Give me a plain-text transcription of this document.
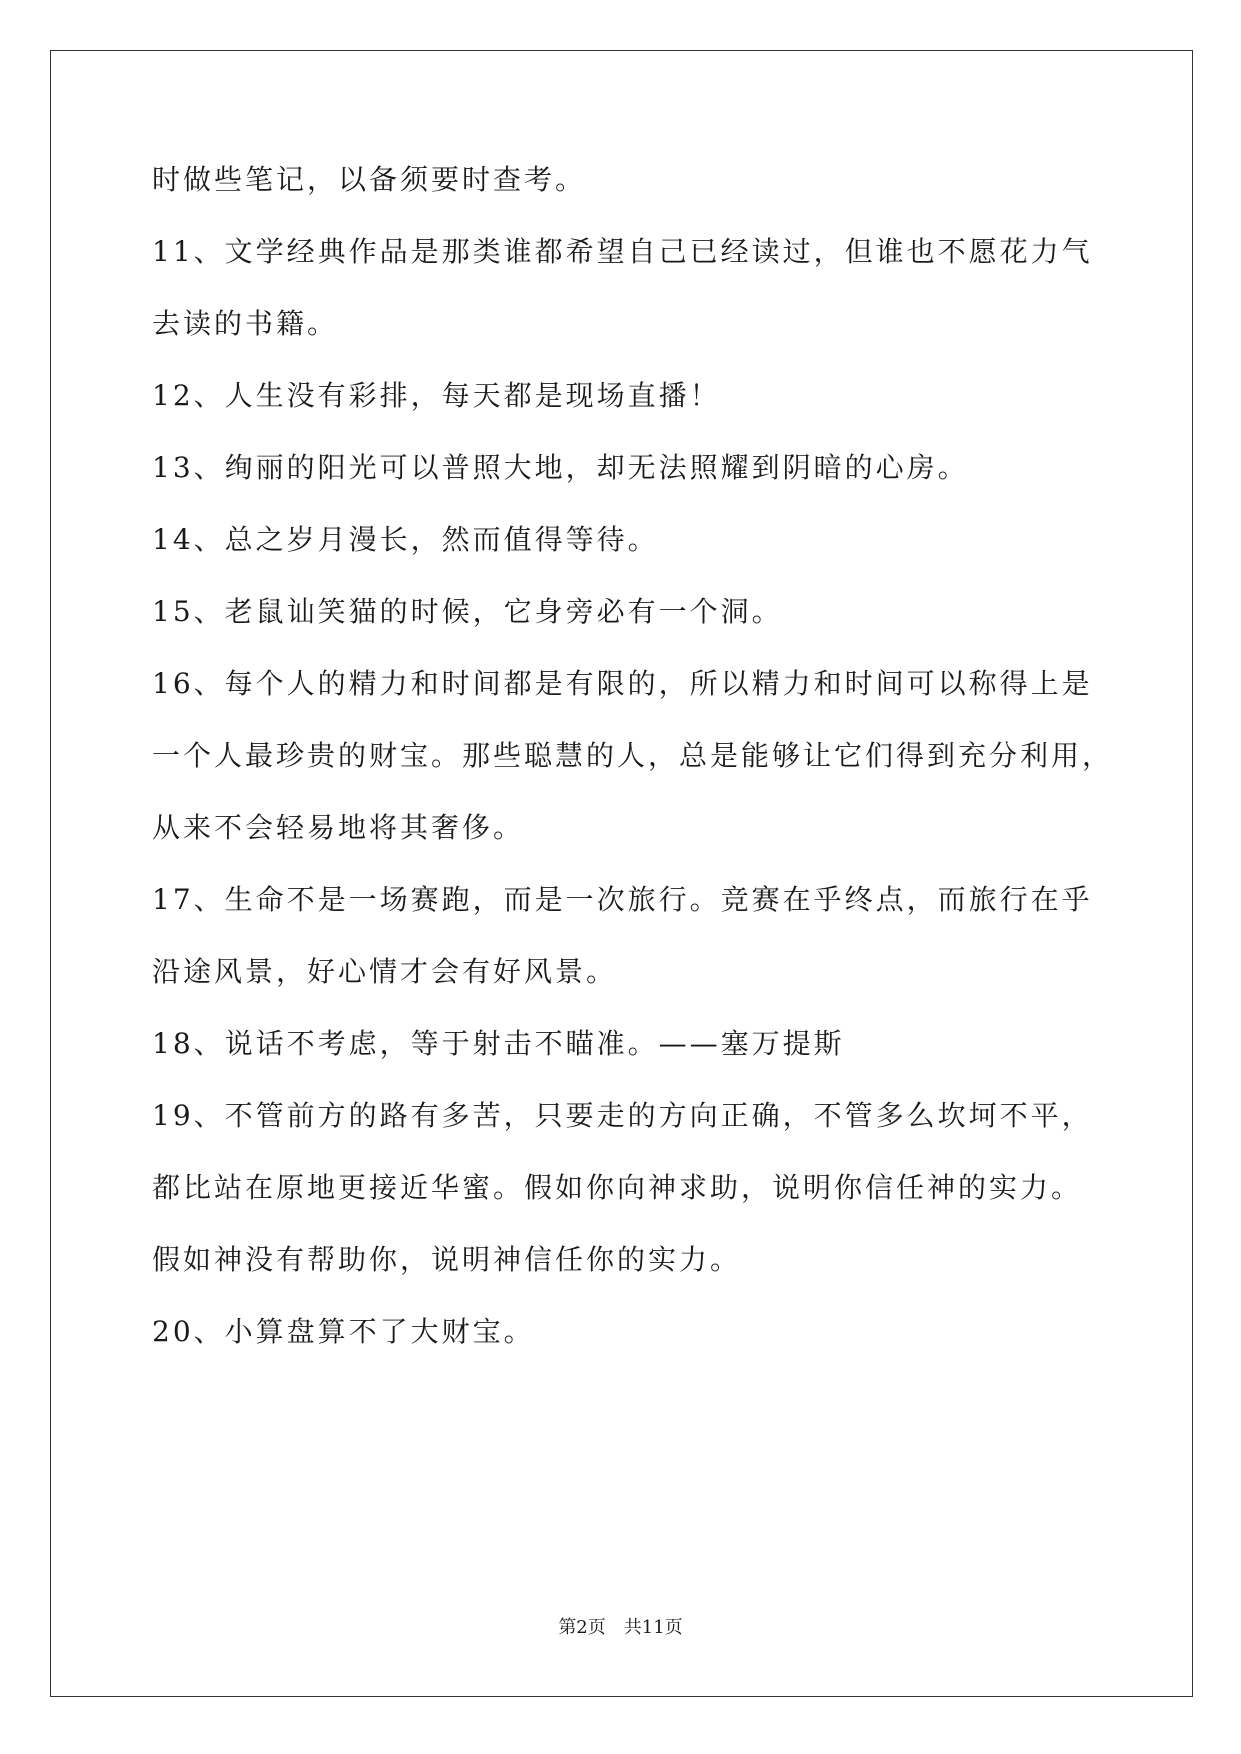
时做些笔记，以备须要时查考。
11、文学经典作品是那类谁都希望自己已经读过，但谁也不愿花力气
去读的书籍。
12、人生没有彩排，每天都是现场直播！
13、绚丽的阳光可以普照大地，却无法照耀到阴暗的心房。
14、总之岁月漫长，然而值得等待。
15、老鼠讪笑猫的时候，它身旁必有一个洞。
16、每个人的精力和时间都是有限的，所以精力和时间可以称得上是
一个人最珍贵的财宝。那些聪慧的人，总是能够让它们得到充分利用，
从来不会轻易地将其奢侈。
17、生命不是一场赛跑，而是一次旅行。竞赛在乎终点，而旅行在乎
沿途风景，好心情才会有好风景。
18、说话不考虑，等于射击不瞄准。——塞万提斯
19、不管前方的路有多苦，只要走的方向正确，不管多么坎坷不平，
都比站在原地更接近华蜜。假如你向神求助，说明你信任神的实力。
假如神没有帮助你，说明神信任你的实力。
20、小算盘算不了大财宝。
第2页　共11页
